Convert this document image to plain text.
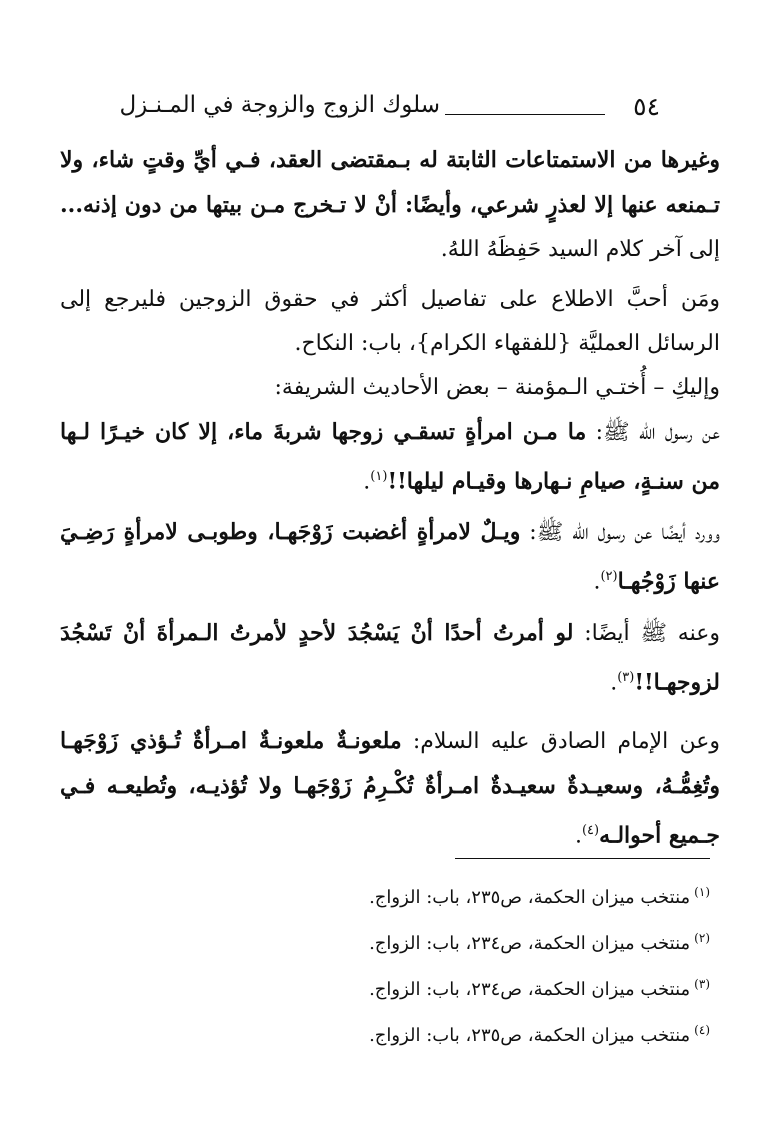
٥٤
سلوك الزوج والزوجة في المـنـزل

وغيرها من الاستمتاعات الثابتة له بـمقتضى العقد، فـي أيِّ وقتٍ شاء، ولا تـمنعه عنها إلا لعذرٍ شرعي، وأيضًا: أنْ لا تـخرج مـن بيتها من دون إذنه... إلى آخر كلام السيد حَفِظَهُ اللهُ.

ومَن أحبَّ الاطلاع على تفاصيل أكثر في حقوق الزوجين فليرجع إلى الرسائل العمليَّة {للفقهاء الكرام}، باب: النكاح.

وإليكِ – أُختـي الـمؤمنة – بعض الأحاديث الشريفة:

عن رسول الله ﷺ: ما مـن امرأةٍ تسقـي زوجها شربةَ ماء، إلا كان خيـرًا لـها من سنـةٍ، صيامِ نـهارها وقيـام ليلها!!$^{(١)}$.

وورد أيضًا عن رسول الله ﷺ: ويـلٌ لامرأةٍ أغضبت زَوْجَهـا، وطوبـى لامرأةٍ رَضِـيَ عنها زَوْجُهـا$^{(٢)}$.

وعنه ﷺ أيضًا: لو أمرتُ أحدًا أنْ يَسْجُدَ لأحدٍ لأمرتُ الـمرأةَ أنْ تَسْجُدَ لزوجهـا!!$^{(٣)}$.

وعن الإمام الصادق عليه السلام: ملعونـةٌ ملعونـةٌ امـرأةٌ تُـؤذي زَوْجَهـا وتُغِمُّـهُ، وسعيـدةٌ سعيـدةٌ امـرأةٌ تُكْـرِمُ زَوْجَهـا ولا تُؤذيـه، وتُطيعـه فـي جـميع أحوالـه$^{(٤)}$.

$^{(١)}$منتخب ميزان الحكمة، ص٢٣٥، باب: الزواج.

$^{(٢)}$منتخب ميزان الحكمة، ص٢٣٤، باب: الزواج.

$^{(٣)}$منتخب ميزان الحكمة، ص٢٣٤، باب: الزواج.

$^{(٤)}$منتخب ميزان الحكمة، ص٢٣٥، باب: الزواج.
